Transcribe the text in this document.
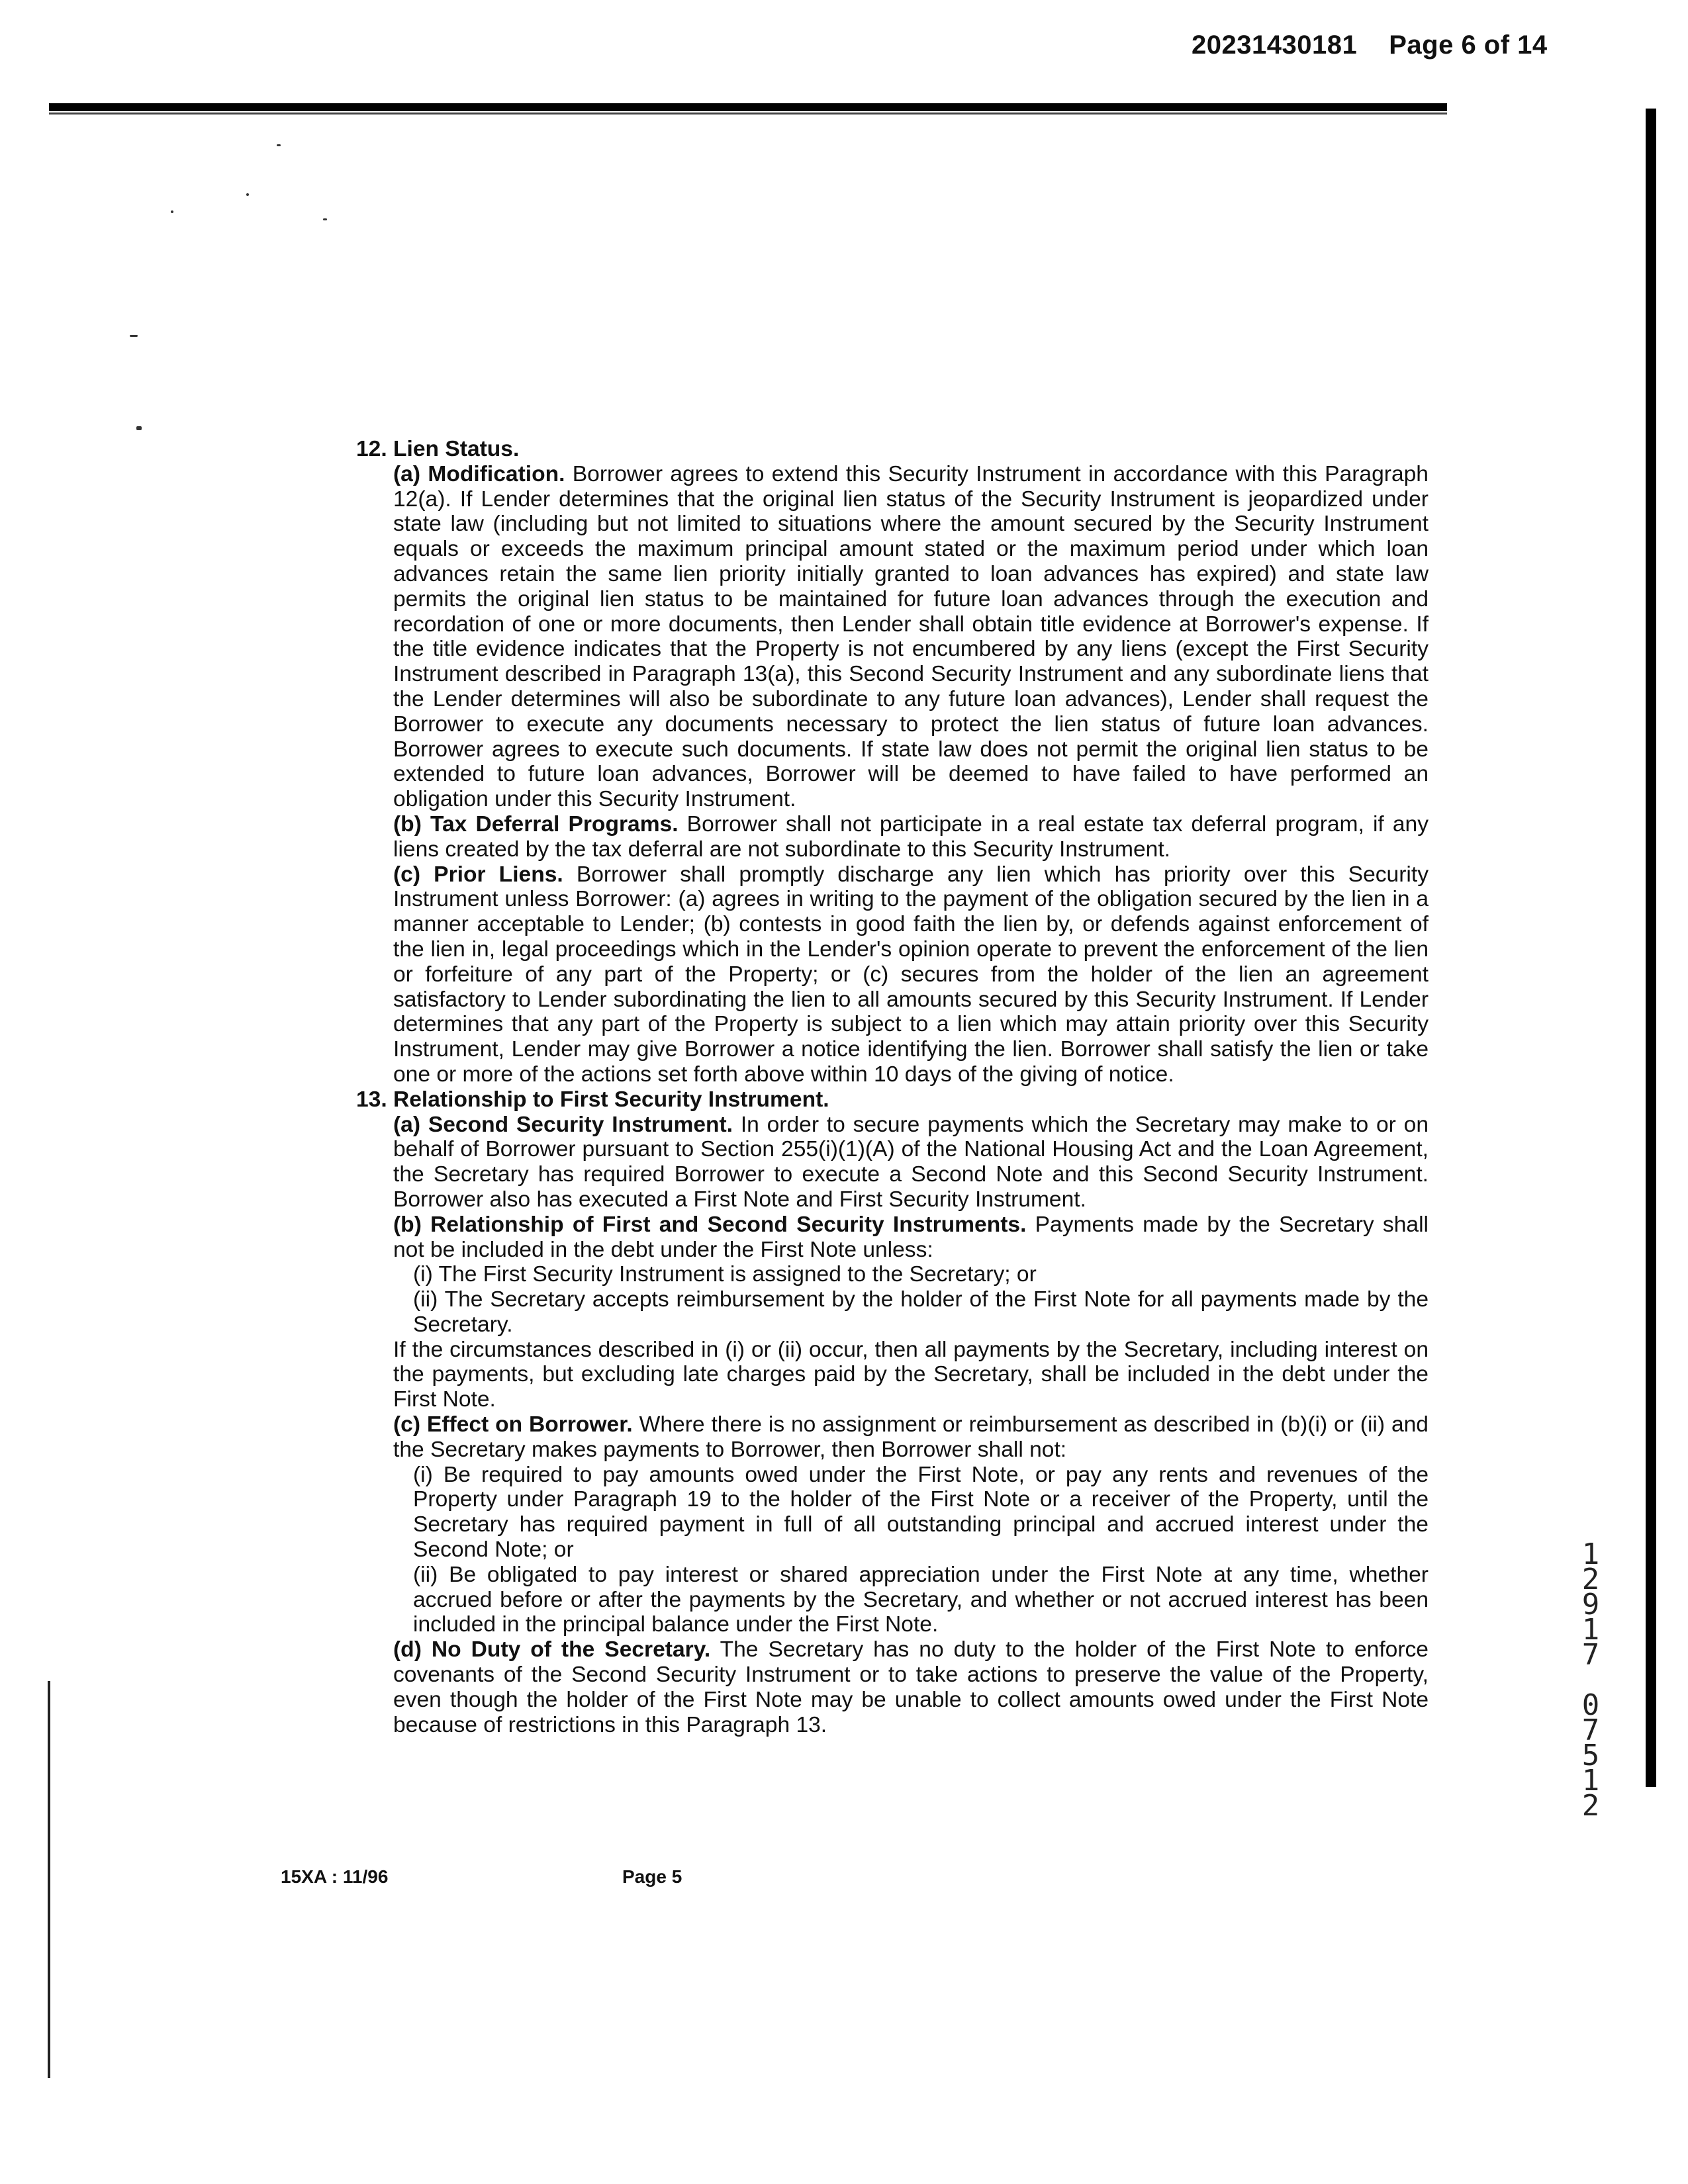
20231430181 Page 6 of 14

12. Lien Status.

(a) Modification. Borrower agrees to extend this Security Instrument in accordance with this Paragraph 12(a). If Lender determines that the original lien status of the Security Instrument is jeopardized under state law (including but not limited to situations where the amount secured by the Security Instrument equals or exceeds the maximum principal amount stated or the maximum period under which loan advances retain the same lien priority initially granted to loan advances has expired) and state law permits the original lien status to be maintained for future loan advances through the execution and recordation of one or more documents, then Lender shall obtain title evidence at Borrower's expense. If the title evidence indicates that the Property is not encumbered by any liens (except the First Security Instrument described in Paragraph 13(a), this Second Security Instrument and any subordinate liens that the Lender determines will also be subordinate to any future loan advances), Lender shall request the Borrower to execute any documents necessary to protect the lien status of future loan advances. Borrower agrees to execute such documents. If state law does not permit the original lien status to be extended to future loan advances, Borrower will be deemed to have failed to have performed an obligation under this Security Instrument.

(b) Tax Deferral Programs. Borrower shall not participate in a real estate tax deferral program, if any liens created by the tax deferral are not subordinate to this Security Instrument.

(c) Prior Liens. Borrower shall promptly discharge any lien which has priority over this Security Instrument unless Borrower: (a) agrees in writing to the payment of the obligation secured by the lien in a manner acceptable to Lender; (b) contests in good faith the lien by, or defends against enforcement of the lien in, legal proceedings which in the Lender's opinion operate to prevent the enforcement of the lien or forfeiture of any part of the Property; or (c) secures from the holder of the lien an agreement satisfactory to Lender subordinating the lien to all amounts secured by this Security Instrument. If Lender determines that any part of the Property is subject to a lien which may attain priority over this Security Instrument, Lender may give Borrower a notice identifying the lien. Borrower shall satisfy the lien or take one or more of the actions set forth above within 10 days of the giving of notice.

13. Relationship to First Security Instrument.

(a) Second Security Instrument. In order to secure payments which the Secretary may make to or on behalf of Borrower pursuant to Section 255(i)(1)(A) of the National Housing Act and the Loan Agreement, the Secretary has required Borrower to execute a Second Note and this Second Security Instrument. Borrower also has executed a First Note and First Security Instrument.

(b) Relationship of First and Second Security Instruments. Payments made by the Secretary shall not be included in the debt under the First Note unless:

(i) The First Security Instrument is assigned to the Secretary; or

(ii) The Secretary accepts reimbursement by the holder of the First Note for all payments made by the Secretary.

If the circumstances described in (i) or (ii) occur, then all payments by the Secretary, including interest on the payments, but excluding late charges paid by the Secretary, shall be included in the debt under the First Note.

(c) Effect on Borrower. Where there is no assignment or reimbursement as described in (b)(i) or (ii) and the Secretary makes payments to Borrower, then Borrower shall not:

(i) Be required to pay amounts owed under the First Note, or pay any rents and revenues of the Property under Paragraph 19 to the holder of the First Note or a receiver of the Property, until the Secretary has required payment in full of all outstanding principal and accrued interest under the Second Note; or

(ii) Be obligated to pay interest or shared appreciation under the First Note at any time, whether accrued before or after the payments by the Secretary, and whether or not accrued interest has been included in the principal balance under the First Note.

(d) No Duty of the Secretary. The Secretary has no duty to the holder of the First Note to enforce covenants of the Second Security Instrument or to take actions to preserve the value of the Property, even though the holder of the First Note may be unable to collect amounts owed under the First Note because of restrictions in this Paragraph 13.

15XA : 11/96	Page 5
1
2
9
1
7
0
7
5
1
2
